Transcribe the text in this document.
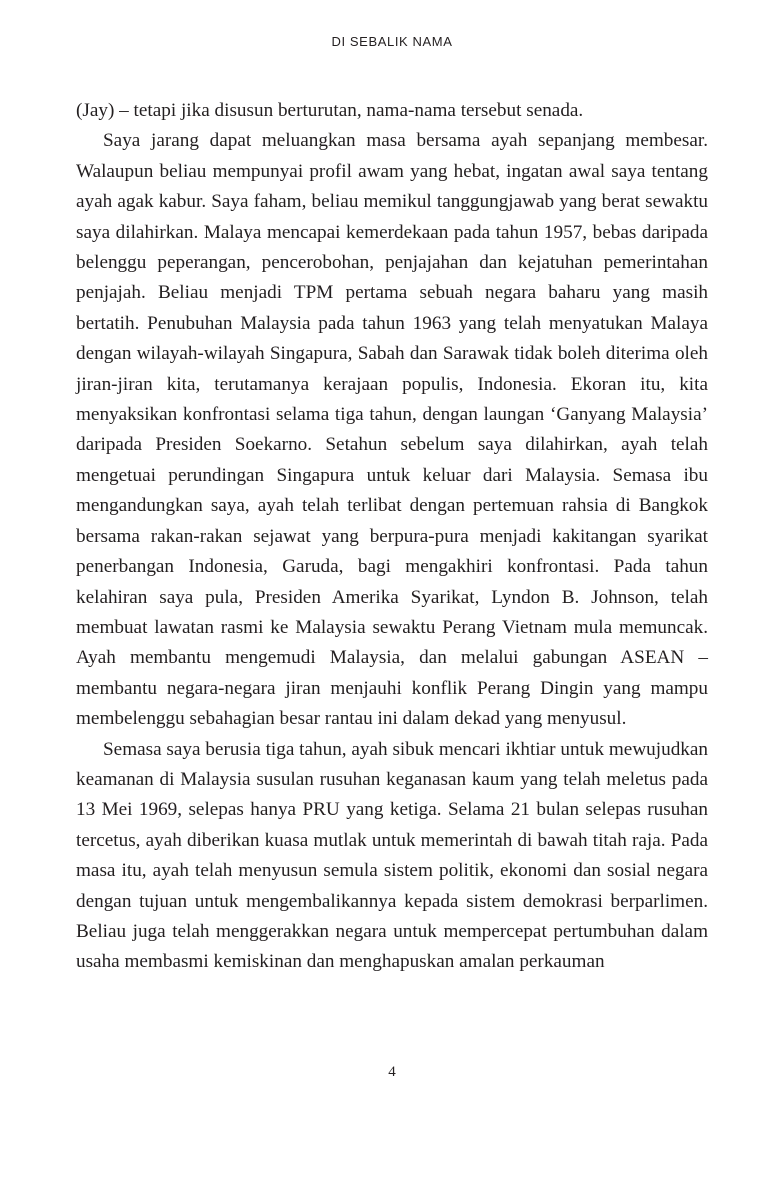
DI SEBALIK NAMA

(Jay) – tetapi jika disusun berturutan, nama-nama tersebut senada.

Saya jarang dapat meluangkan masa bersama ayah sepanjang membesar. Walaupun beliau mempunyai profil awam yang hebat, ingatan awal saya tentang ayah agak kabur. Saya faham, beliau memikul tanggungjawab yang berat sewaktu saya dilahirkan. Malaya mencapai kemerdekaan pada tahun 1957, bebas daripada belenggu peperangan, pencerobohan, penjajahan dan kejatuhan pemerintahan penjajah. Beliau menjadi TPM pertama sebuah negara baharu yang masih bertatih. Penubuhan Malaysia pada tahun 1963 yang telah menyatukan Malaya dengan wilayah-wilayah Singapura, Sabah dan Sarawak tidak boleh diterima oleh jiran-jiran kita, terutamanya kerajaan populis, Indonesia. Ekoran itu, kita menyaksikan konfrontasi selama tiga tahun, dengan laungan ‘Ganyang Malaysia’ daripada Presiden Soekarno. Setahun sebelum saya dilahirkan, ayah telah mengetuai perundingan Singapura untuk keluar dari Malaysia. Semasa ibu mengandungkan saya, ayah telah terlibat dengan pertemuan rahsia di Bangkok bersama rakan-rakan sejawat yang berpura-pura menjadi kakitangan syarikat penerbangan Indonesia, Garuda, bagi mengakhiri konfrontasi. Pada tahun kelahiran saya pula, Presiden Amerika Syarikat, Lyndon B. Johnson, telah membuat lawatan rasmi ke Malaysia sewaktu Perang Vietnam mula memuncak. Ayah membantu mengemudi Malaysia, dan melalui gabungan ASEAN – membantu negara-negara jiran menjauhi konflik Perang Dingin yang mampu membelenggu sebahagian besar rantau ini dalam dekad yang menyusul.

Semasa saya berusia tiga tahun, ayah sibuk mencari ikhtiar untuk mewujudkan keamanan di Malaysia susulan rusuhan keganasan kaum yang telah meletus pada 13 Mei 1969, selepas hanya PRU yang ketiga. Selama 21 bulan selepas rusuhan tercetus, ayah diberikan kuasa mutlak untuk memerintah di bawah titah raja. Pada masa itu, ayah telah menyusun semula sistem politik, ekonomi dan sosial negara dengan tujuan untuk mengembalikannya kepada sistem demokrasi berparlimen. Beliau juga telah menggerakkan negara untuk mempercepat pertumbuhan dalam usaha membasmi kemiskinan dan menghapuskan amalan perkauman

4
